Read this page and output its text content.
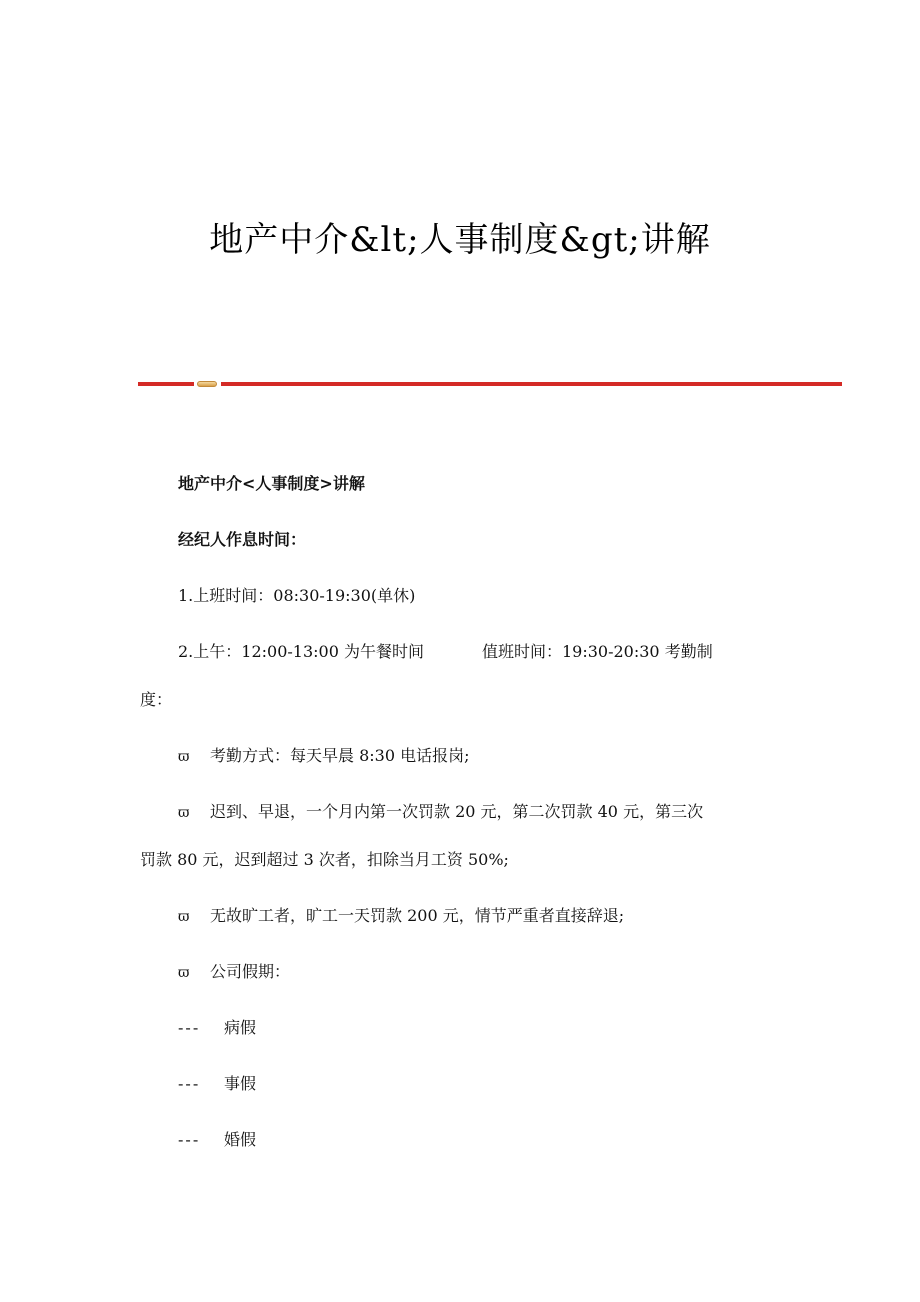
地产中介&lt;人事制度&gt;讲解
地产中介<人事制度>讲解
经纪人作息时间：
1.上班时间：08:30-19:30(单休)
2.上午：12:00-13:00 为午餐时间	值班时间：19:30-20:30 考勤制
度：
ϖ 考勤方式：每天早晨 8:30 电话报岗;
ϖ 迟到、早退，一个月内第一次罚款 20 元，第二次罚款 40 元，第三次
罚款 80 元，迟到超过 3 次者，扣除当月工资 50%;
ϖ 无故旷工者，旷工一天罚款 200 元，情节严重者直接辞退;
ϖ 公司假期：
--- 病假
--- 事假
--- 婚假
